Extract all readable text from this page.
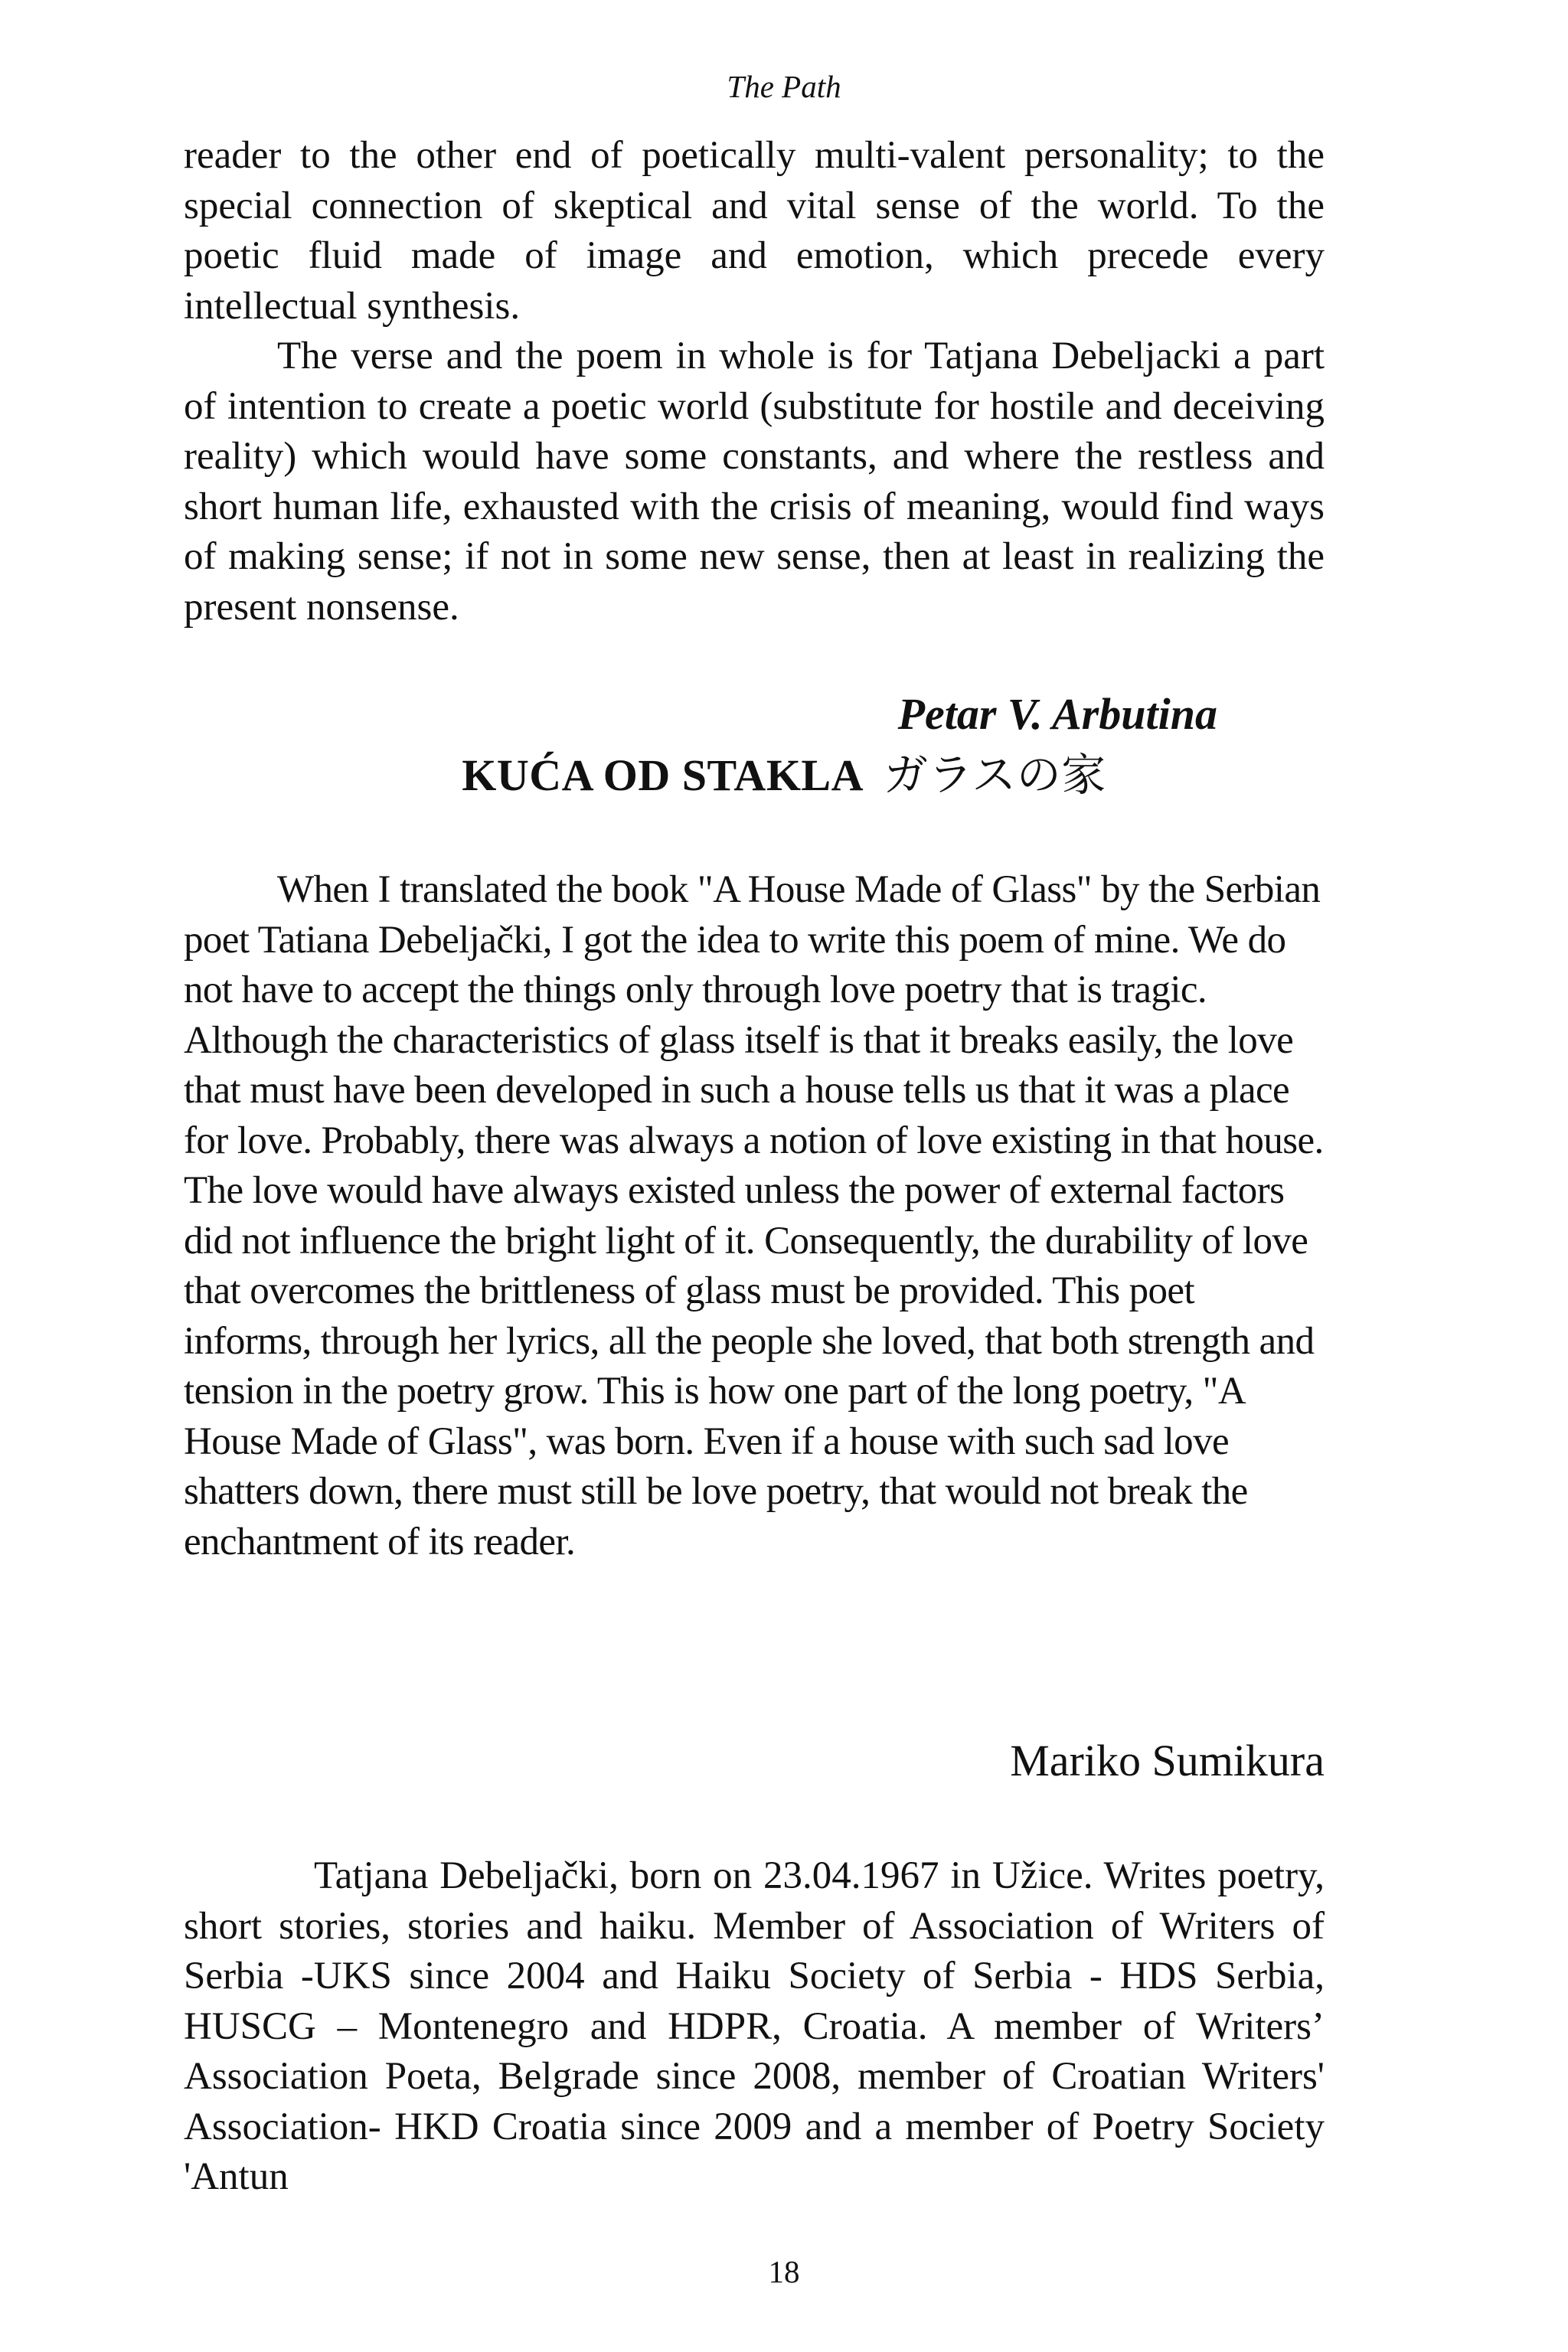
The Path

reader to the other end of poetically multi-valent personality; to the special connection of skeptical and vital sense of the world. To the poetic fluid made of image and emotion, which precede every intellectual synthesis.

The verse and the poem in whole is for Tatjana Debeljacki a part of intention to create a poetic world (substitute for hostile and deceiving reality) which would have some constants, and where the restless and short human life, exhausted with the crisis of meaning, would find ways of making sense; if not in some new sense, then at least in realizing the present nonsense.

Petar V. Arbutina
KUĆA OD STAKLA ガラスの家

When I translated the book "A House Made of Glass" by the Serbian poet Tatiana Debeljački, I got the idea to write this poem of mine. We do not have to accept the things only through love poetry that is tragic. Although the characteristics of glass itself is that it breaks easily, the love that must have been developed in such a house tells us that it was a place for love. Probably, there was always a notion of love existing in that house. The love would have always existed unless the power of external factors did not influence the bright light of it. Consequently, the durability of love that overcomes the brittleness of glass must be provided. This poet informs, through her lyrics, all the people she loved, that both strength and tension in the poetry grow. This is how one part of the long poetry, "A House Made of Glass", was born. Even if a house with such sad love shatters down, there must still be love poetry, that would not break the enchantment of its reader.

Mariko Sumikura

Tatjana Debeljački, born on 23.04.1967 in Užice. Writes poetry, short stories, stories and haiku. Member of Association of Writers of Serbia -UKS since 2004 and Haiku Society of Serbia - HDS Serbia, HUSCG – Montenegro and HDPR, Croatia. A member of Writers’ Association Poeta, Belgrade since 2008, member of Croatian Writers' Association- HKD Croatia since 2009 and a member of Poetry Society 'Antun

18
